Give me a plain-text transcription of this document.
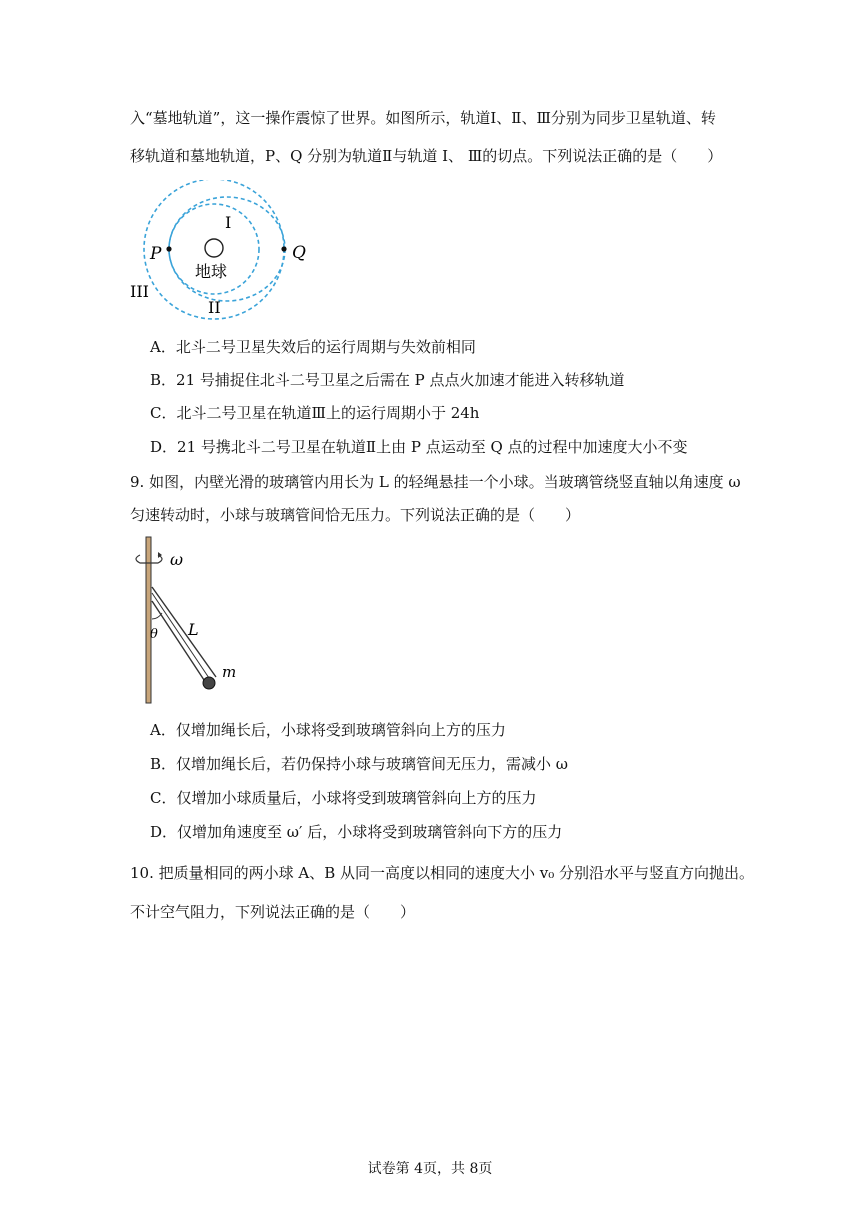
入“墓地轨道”，这一操作震惊了世界。如图所示，轨道Ⅰ、Ⅱ、Ⅲ分别为同步卫星轨道、转
移轨道和墓地轨道，P、Q 分别为轨道Ⅱ与轨道 Ⅰ、 Ⅲ的切点。下列说法正确的是（　　）
P	Q
I
II
III
地球
A．北斗二号卫星失效后的运行周期与失效前相同
B．21 号捕捉住北斗二号卫星之后需在 P 点点火加速才能进入转移轨道
C．北斗二号卫星在轨道Ⅲ上的运行周期小于 24h
D．21 号携北斗二号卫星在轨道Ⅱ上由 P 点运动至 Q 点的过程中加速度大小不变
9. 如图，内壁光滑的玻璃管内用长为 L 的轻绳悬挂一个小球。当玻璃管绕竖直轴以角速度 ω
匀速转动时，小球与玻璃管间恰无压力。下列说法正确的是（　　）
ω
θ L
m
A．仅增加绳长后，小球将受到玻璃管斜向上方的压力
B．仅增加绳长后，若仍保持小球与玻璃管间无压力，需减小 ω
C．仅增加小球质量后，小球将受到玻璃管斜向上方的压力
D．仅增加角速度至 ω′ 后，小球将受到玻璃管斜向下方的压力
10. 把质量相同的两小球 A、B 从同一高度以相同的速度大小 v₀ 分别沿水平与竖直方向抛出。
不计空气阻力，下列说法正确的是（　　）
试卷第 4页，共 8页
